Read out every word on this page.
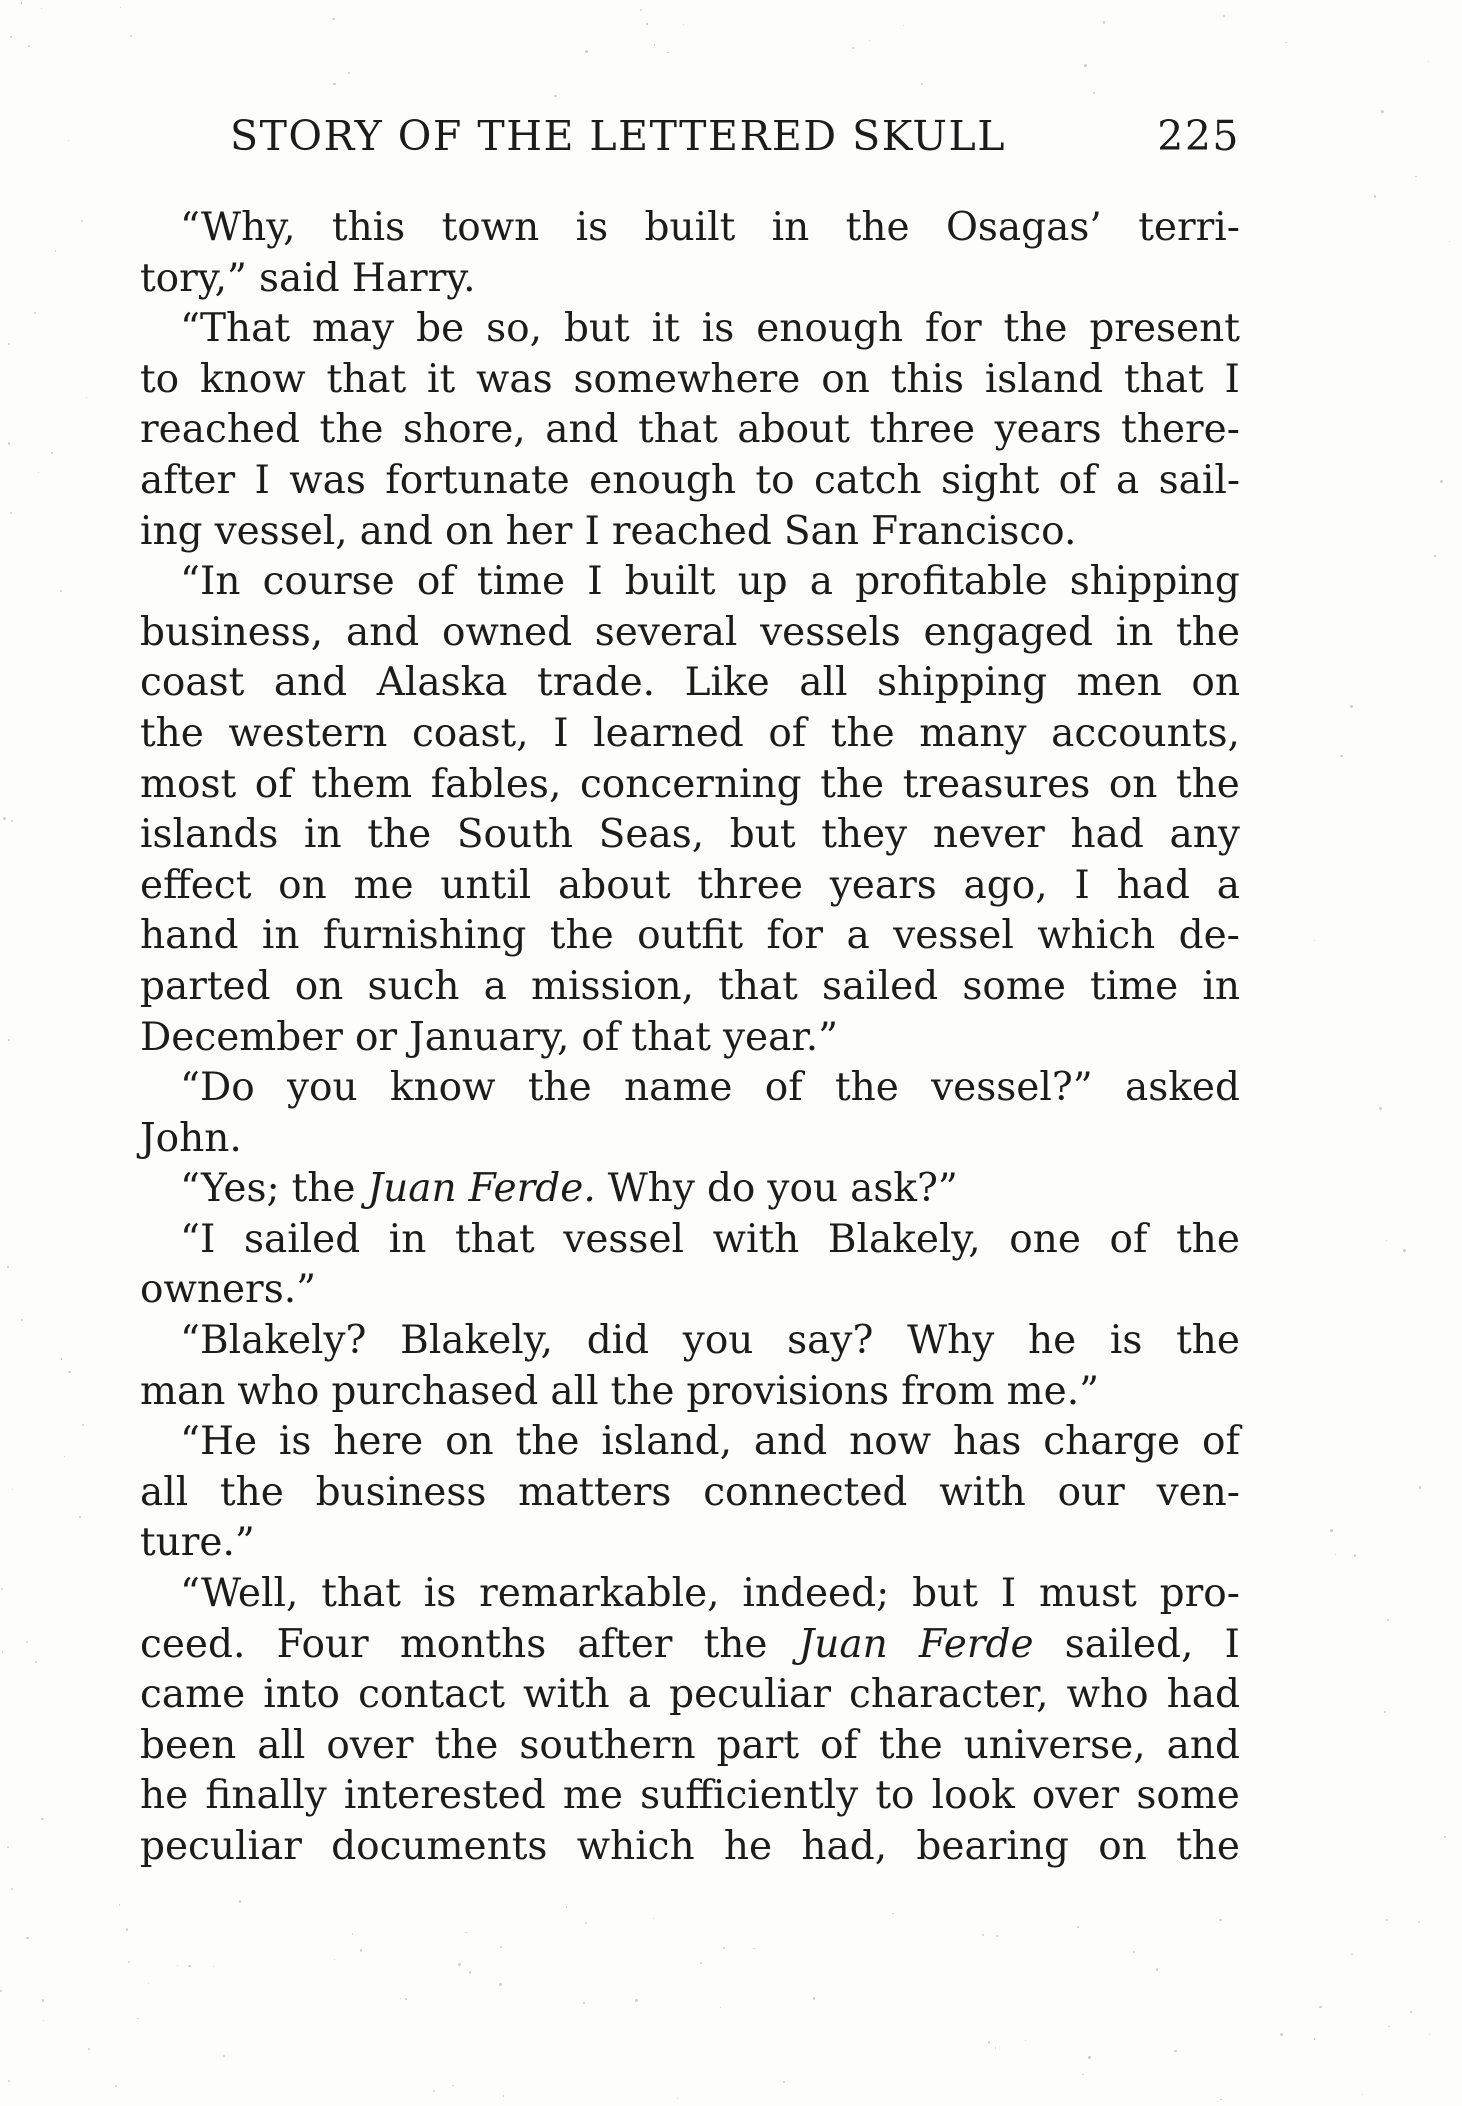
STORY OF THE LETTERED SKULL	225
“Why, this town is built in the Osagas’ terri-
tory,” said Harry.
“That may be so, but it is enough for the present
to know that it was somewhere on this island that I
reached the shore, and that about three years there-
after I was fortunate enough to catch sight of a sail-
ing vessel, and on her I reached San Francisco.
“In course of time I built up a profitable shipping
business, and owned several vessels engaged in the
coast and Alaska trade. Like all shipping men on
the western coast, I learned of the many accounts,
most of them fables, concerning the treasures on the
islands in the South Seas, but they never had any
effect on me until about three years ago, I had a
hand in furnishing the outfit for a vessel which de-
parted on such a mission, that sailed some time in
December or January, of that year.”
“Do you know the name of the vessel?” asked
John.
“Yes; the Juan Ferde. Why do you ask?”
“I sailed in that vessel with Blakely, one of the
owners.”
“Blakely? Blakely, did you say? Why he is the
man who purchased all the provisions from me.”
“He is here on the island, and now has charge of
all the business matters connected with our ven-
ture.”
“Well, that is remarkable, indeed; but I must pro-
ceed. Four months after the Juan Ferde sailed, I
came into contact with a peculiar character, who had
been all over the southern part of the universe, and
he finally interested me sufficiently to look over some
peculiar documents which he had, bearing on the
